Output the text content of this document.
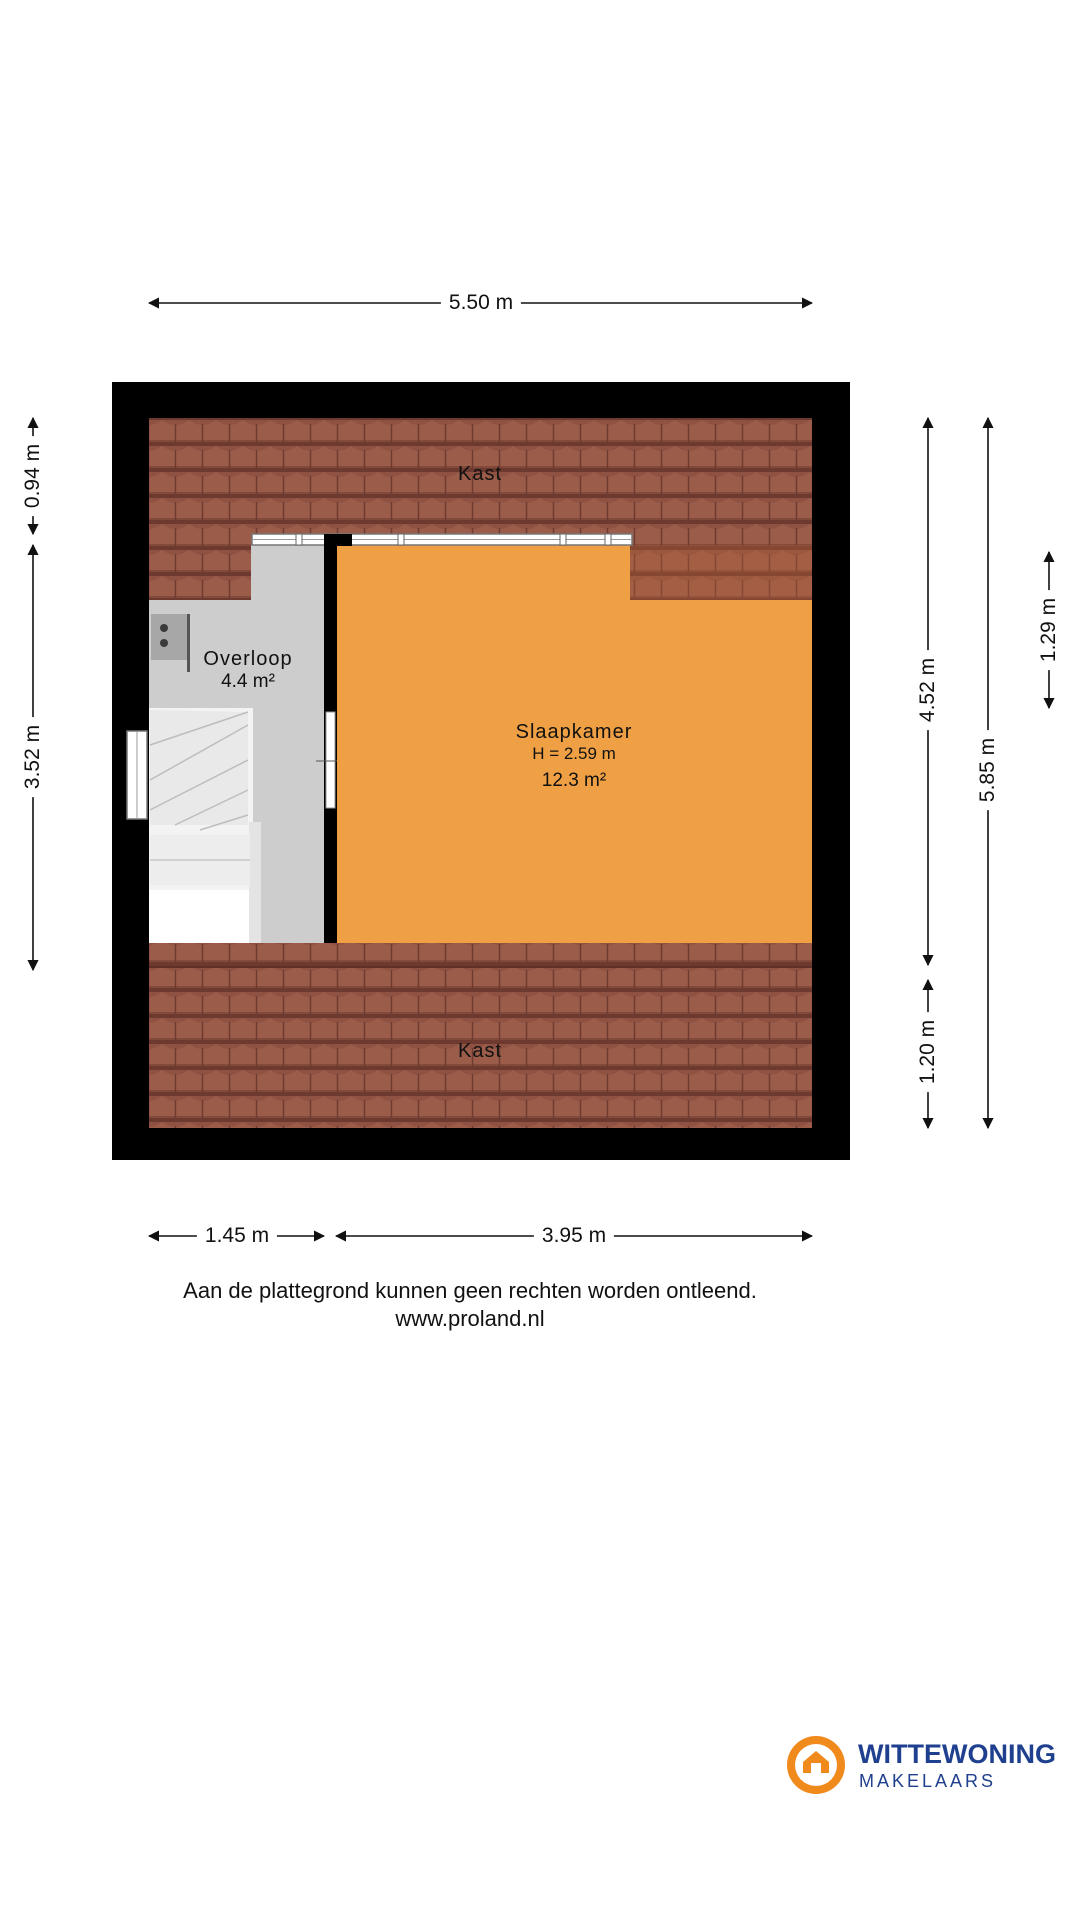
Kast
Overloop
4.4 m²
Slaapkamer
H = 2.59 m
12.3 m²
Kast
5.50 m
1.45 m	3.95 m
0.94 m
3.52 m
4.52 m
1.20 m
5.85 m
1.29 m
Aan de plattegrond kunnen geen rechten worden ontleend.
www.proland.nl
WITTEWONING
MAKELAARS
